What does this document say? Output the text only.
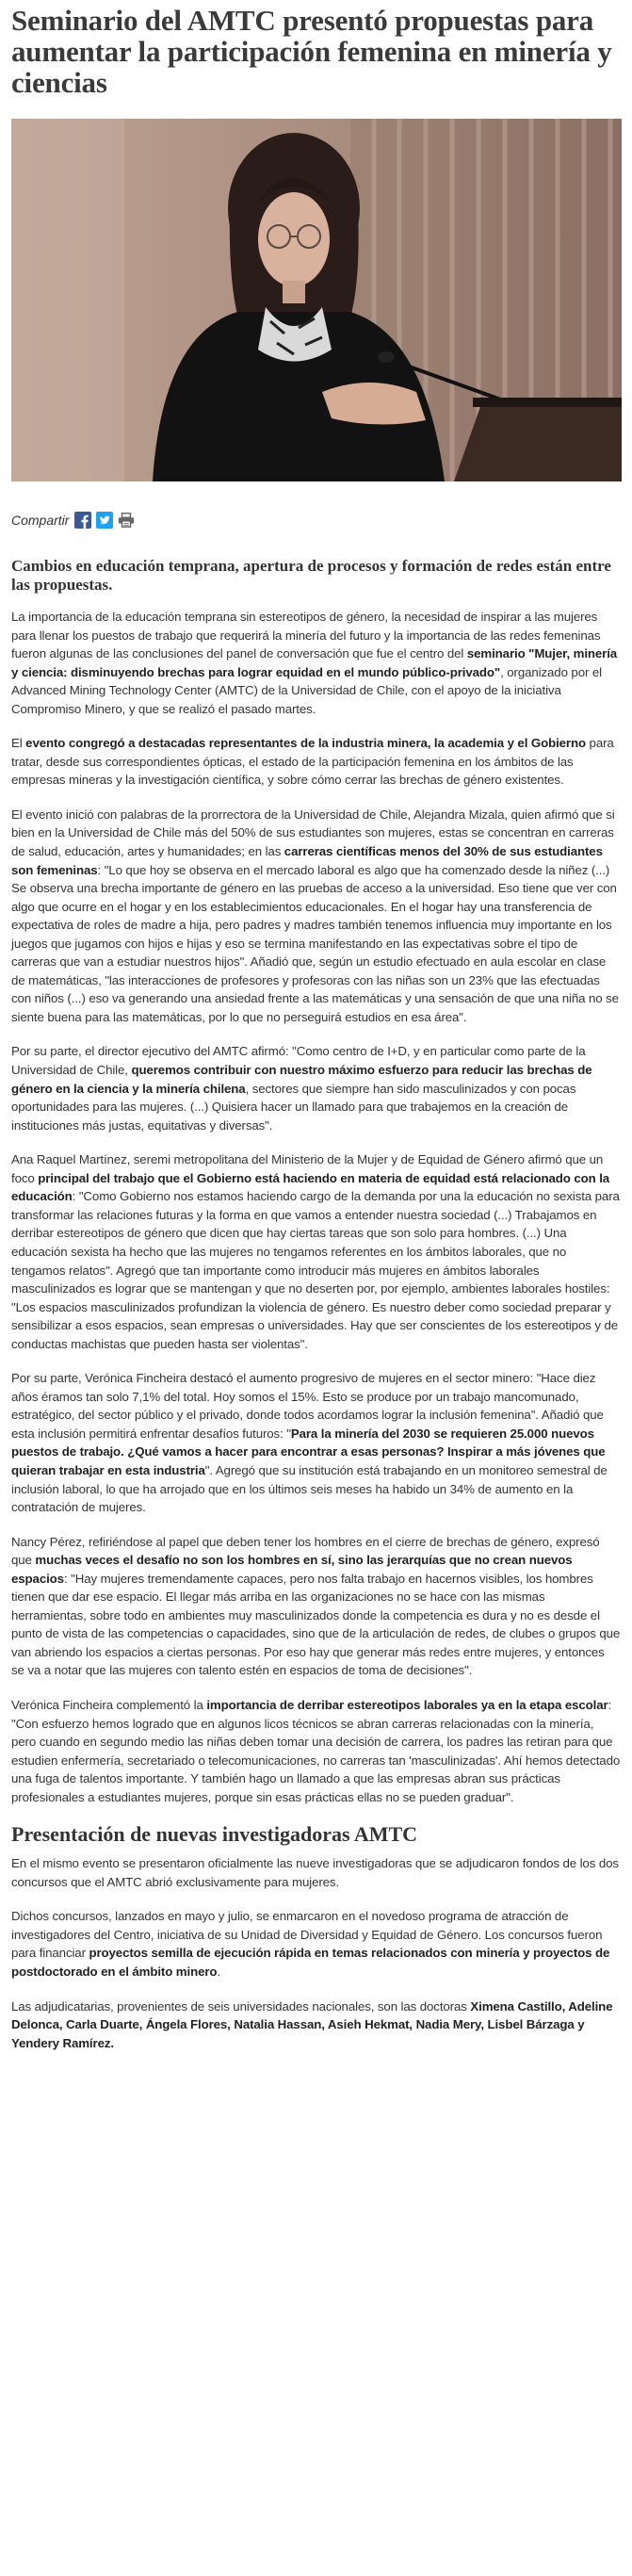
Seminario del AMTC presentó propuestas para aumentar la participación femenina en minería y ciencias
Compartir
Cambios en educación temprana, apertura de procesos y formación de redes están entre las propuestas.

La importancia de la educación temprana sin estereotipos de género, la necesidad de inspirar a las mujeres para llenar los puestos de trabajo que requerirá la minería del futuro y la importancia de las redes femeninas fueron algunas de las conclusiones del panel de conversación que fue el centro del seminario "Mujer, minería y ciencia: disminuyendo brechas para lograr equidad en el mundo público-privado", organizado por el Advanced Mining Technology Center (AMTC) de la Universidad de Chile, con el apoyo de la iniciativa Compromiso Minero, y que se realizó el pasado martes.

El evento congregó a destacadas representantes de la industria minera, la academia y el Gobierno para tratar, desde sus correspondientes ópticas, el estado de la participación femenina en los ámbitos de las empresas mineras y la investigación científica, y sobre cómo cerrar las brechas de género existentes.

El evento inició con palabras de la prorrectora de la Universidad de Chile, Alejandra Mizala, quien afirmó que si bien en la Universidad de Chile más del 50% de sus estudiantes son mujeres, estas se concentran en carreras de salud, educación, artes y humanidades; en las carreras científicas menos del 30% de sus estudiantes son femeninas: "Lo que hoy se observa en el mercado laboral es algo que ha comenzado desde la niñez (...) Se observa una brecha importante de género en las pruebas de acceso a la universidad. Eso tiene que ver con algo que ocurre en el hogar y en los establecimientos educacionales. En el hogar hay una transferencia de expectativa de roles de madre a hija, pero padres y madres también tenemos influencia muy importante en los juegos que jugamos con hijos e hijas y eso se termina manifestando en las expectativas sobre el tipo de carreras que van a estudiar nuestros hijos". Añadió que, según un estudio efectuado en aula escolar en clase de matemáticas, "las interacciones de profesores y profesoras con las niñas son un 23% que las efectuadas con niños (...) eso va generando una ansiedad frente a las matemáticas y una sensación de que una niña no se siente buena para las matemáticas, por lo que no perseguirá estudios en esa área".

Por su parte, el director ejecutivo del AMTC afirmó: "Como centro de I+D, y en particular como parte de la Universidad de Chile, queremos contribuir con nuestro máximo esfuerzo para reducir las brechas de género en la ciencia y la minería chilena, sectores que siempre han sido masculinizados y con pocas oportunidades para las mujeres. (...) Quisiera hacer un llamado para que trabajemos en la creación de instituciones más justas, equitativas y diversas".

Ana Raquel Martínez, seremi metropolitana del Ministerio de la Mujer y de Equidad de Género afirmó que un foco principal del trabajo que el Gobierno está haciendo en materia de equidad está relacionado con la educación: "Como Gobierno nos estamos haciendo cargo de la demanda por una la educación no sexista para transformar las relaciones futuras y la forma en que vamos a entender nuestra sociedad (...) Trabajamos en derribar estereotipos de género que dicen que hay ciertas tareas que son solo para hombres. (...) Una educación sexista ha hecho que las mujeres no tengamos referentes en los ámbitos laborales, que no tengamos relatos". Agregó que tan importante como introducir más mujeres en ámbitos laborales masculinizados es lograr que se mantengan y que no deserten por, por ejemplo, ambientes laborales hostiles: "Los espacios masculinizados profundizan la violencia de género. Es nuestro deber como sociedad preparar y sensibilizar a esos espacios, sean empresas o universidades. Hay que ser conscientes de los estereotipos y de conductas machistas que pueden hasta ser violentas".

Por su parte, Verónica Fincheira destacó el aumento progresivo de mujeres en el sector minero: "Hace diez años éramos tan solo 7,1% del total. Hoy somos el 15%. Esto se produce por un trabajo mancomunado, estratégico, del sector público y el privado, donde todos acordamos lograr la inclusión femenina". Añadió que esta inclusión permitirá enfrentar desafíos futuros: "Para la minería del 2030 se requieren 25.000 nuevos puestos de trabajo. ¿Qué vamos a hacer para encontrar a esas personas? Inspirar a más jóvenes que quieran trabajar en esta industria". Agregó que su institución está trabajando en un monitoreo semestral de inclusión laboral, lo que ha arrojado que en los últimos seis meses ha habido un 34% de aumento en la contratación de mujeres.

Nancy Pérez, refiriéndose al papel que deben tener los hombres en el cierre de brechas de género, expresó que muchas veces el desafío no son los hombres en sí, sino las jerarquías que no crean nuevos espacios: "Hay mujeres tremendamente capaces, pero nos falta trabajo en hacernos visibles, los hombres tienen que dar ese espacio. El llegar más arriba en las organizaciones no se hace con las mismas herramientas, sobre todo en ambientes muy masculinizados donde la competencia es dura y no es desde el punto de vista de las competencias o capacidades, sino que de la articulación de redes, de clubes o grupos que van abriendo los espacios a ciertas personas. Por eso hay que generar más redes entre mujeres, y entonces se va a notar que las mujeres con talento estén en espacios de toma de decisiones".

Verónica Fincheira complementó la importancia de derribar estereotipos laborales ya en la etapa escolar: "Con esfuerzo hemos logrado que en algunos licos técnicos se abran carreras relacionadas con la minería, pero cuando en segundo medio las niñas deben tomar una decisión de carrera, los padres las retiran para que estudien enfermería, secretariado o telecomunicaciones, no carreras tan 'masculinizadas'. Ahí hemos detectado una fuga de talentos importante. Y también hago un llamado a que las empresas abran sus prácticas profesionales a estudiantes mujeres, porque sin esas prácticas ellas no se pueden graduar".

Presentación de nuevas investigadoras AMTC

En el mismo evento se presentaron oficialmente las nueve investigadoras que se adjudicaron fondos de los dos concursos que el AMTC abrió exclusivamente para mujeres.

Dichos concursos, lanzados en mayo y julio, se enmarcaron en el novedoso programa de atracción de investigadores del Centro, iniciativa de su Unidad de Diversidad y Equidad de Género. Los concursos fueron para financiar proyectos semilla de ejecución rápida en temas relacionados con minería y proyectos de postdoctorado en el ámbito minero.

Las adjudicatarias, provenientes de seis universidades nacionales, son las doctoras Ximena Castillo, Adeline Delonca, Carla Duarte, Ángela Flores, Natalia Hassan, Asieh Hekmat, Nadia Mery, Lisbel Bárzaga y Yendery Ramírez.
